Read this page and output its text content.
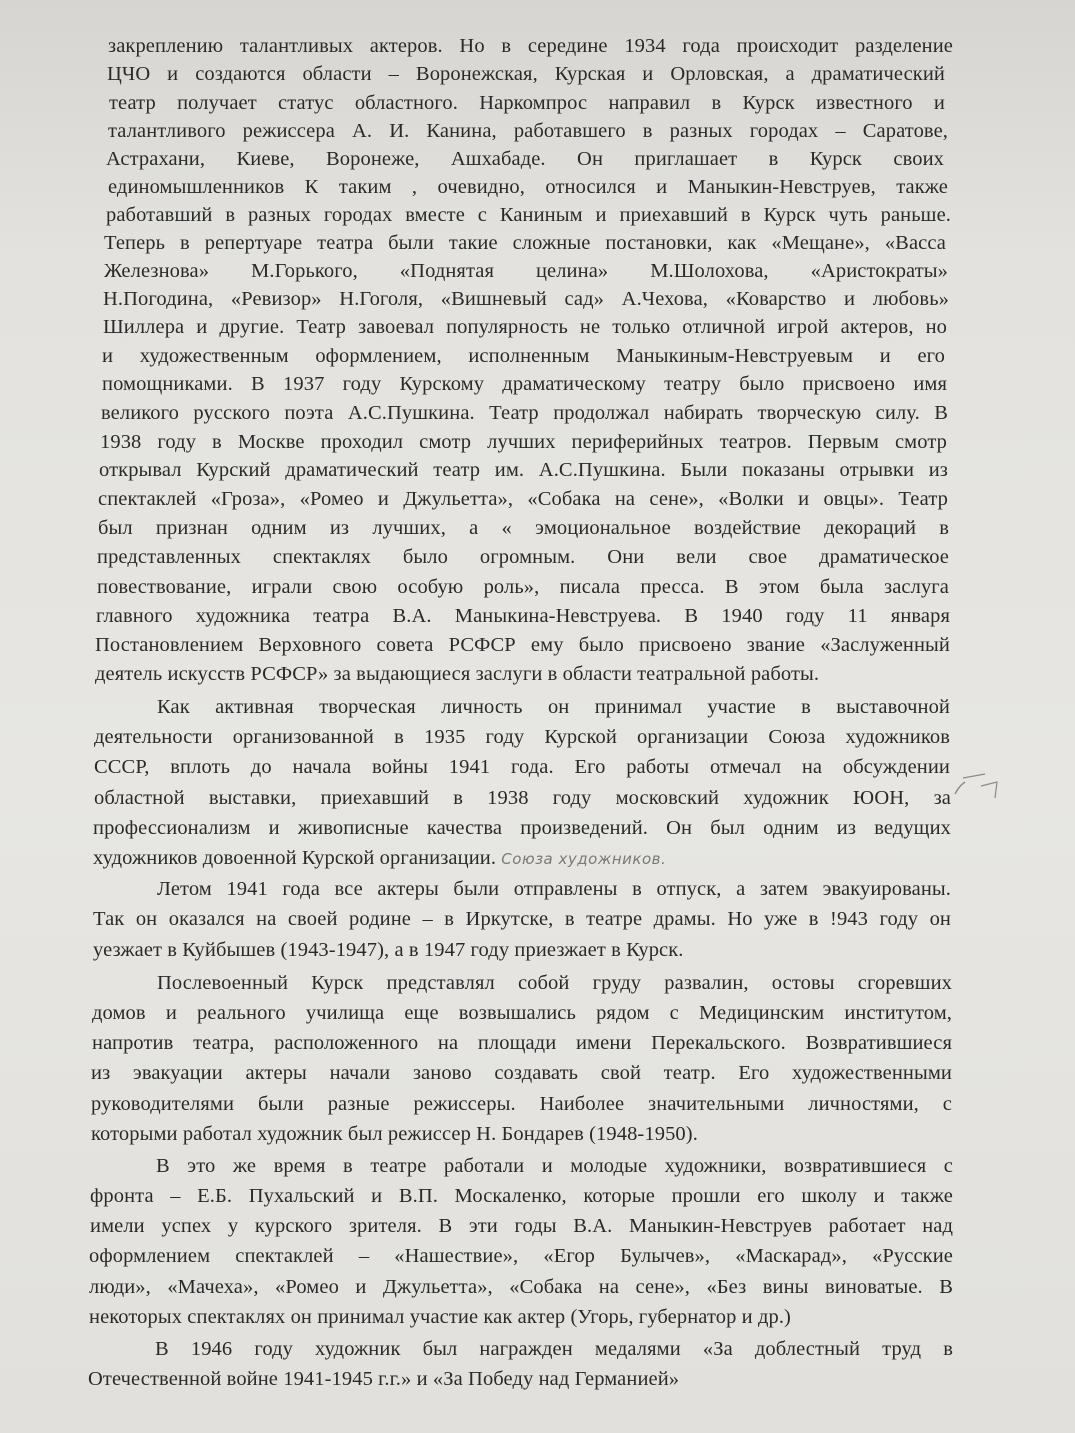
закреплению талантливых актеров. Но в середине 1934 года происходит разделение
ЦЧО и создаются области – Воронежская, Курская и Орловская, а драматический
театр получает статус областного. Наркомпрос направил в Курск известного и
талантливого режиссера А. И. Канина, работавшего в разных городах – Саратове,
Астрахани, Киеве, Воронеже, Ашхабаде. Он приглашает в Курск своих
единомышленников К таким , очевидно, относился и Маныкин-Невструев, также
работавший в разных городах вместе с Каниным и приехавший в Курск чуть раньше.
Теперь в репертуаре театра были такие сложные постановки, как «Мещане», «Васса
Железнова» М.Горького, «Поднятая целина» М.Шолохова, «Аристократы»
Н.Погодина, «Ревизор» Н.Гоголя, «Вишневый сад» А.Чехова, «Коварство и любовь»
Шиллера и другие. Театр завоевал популярность не только отличной игрой актеров, но
и художественным оформлением, исполненным Маныкиным-Невструевым и его
помощниками. В 1937 году Курскому драматическому театру было присвоено имя
великого русского поэта А.С.Пушкина. Театр продолжал набирать творческую силу. В
1938 году в Москве проходил смотр лучших периферийных театров. Первым смотр
открывал Курский драматический театр им. А.С.Пушкина. Были показаны отрывки из
спектаклей «Гроза», «Ромео и Джульетта», «Собака на сене», «Волки и овцы». Театр
был признан одним из лучших, а « эмоциональное воздействие декораций в
представленных спектаклях было огромным. Они вели свое драматическое
повествование, играли свою особую роль», писала пресса. В этом была заслуга
главного художника театра В.А. Маныкина-Невструева. В 1940 году 11 января
Постановлением Верховного совета РСФСР ему было присвоено звание «Заслуженный
деятель искусств РСФСР» за выдающиеся заслуги в области театральной работы.
Как активная творческая личность он принимал участие в выставочной
деятельности организованной в 1935 году Курской организации Союза художников
СССР, вплоть до начала войны 1941 года. Его работы отмечал на обсуждении
областной выставки, приехавший в 1938 году московский художник ЮОН, за
профессионализм и живописные качества произведений. Он был одним из ведущих
художников довоенной Курской организации. Союза художников.
Летом 1941 года все актеры были отправлены в отпуск, а затем эвакуированы.
Так он оказался на своей родине – в Иркутске, в театре драмы. Но уже в !943 году он
уезжает в Куйбышев (1943-1947), а в 1947 году приезжает в Курск.
Послевоенный Курск представлял собой груду развалин, остовы сгоревших
домов и реального училища еще возвышались рядом с Медицинским институтом,
напротив театра, расположенного на площади имени Перекальского. Возвратившиеся
из эвакуации актеры начали заново создавать свой театр. Его художественными
руководителями были разные режиссеры. Наиболее значительными личностями, с
которыми работал художник был режиссер Н. Бондарев (1948-1950).
В это же время в театре работали и молодые художники, возвратившиеся с
фронта – Е.Б. Пухальский и В.П. Москаленко, которые прошли его школу и также
имели успех у курского зрителя. В эти годы В.А. Маныкин-Невструев работает над
оформлением спектаклей – «Нашествие», «Егор Булычев», «Маскарад», «Русские
люди», «Мачеха», «Ромео и Джульетта», «Собака на сене», «Без вины виноватые. В
некоторых спектаклях он принимал участие как актер (Угорь, губернатор и др.)
В 1946 году художник был награжден медалями «За доблестный труд в
Отечественной войне 1941-1945 г.г.» и «За Победу над Германией»
